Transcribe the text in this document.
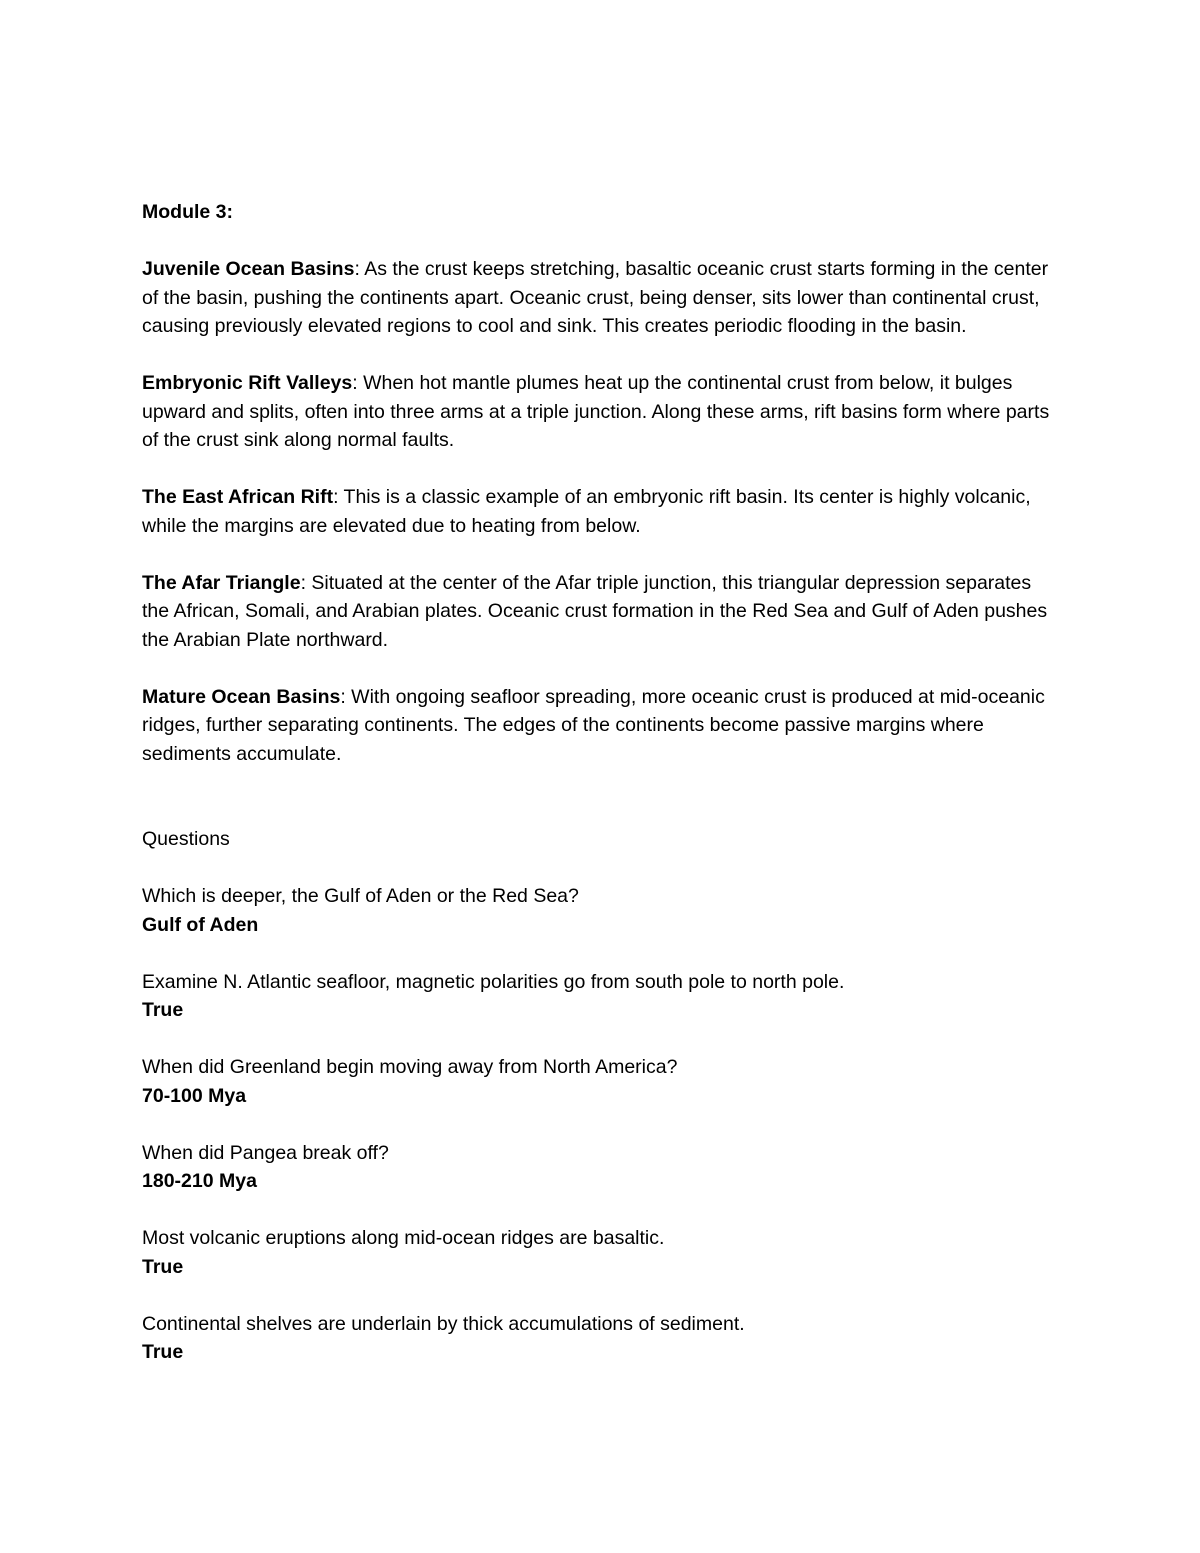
Module 3:

Juvenile Ocean Basins: As the crust keeps stretching, basaltic oceanic crust starts forming in the center of the basin, pushing the continents apart. Oceanic crust, being denser, sits lower than continental crust, causing previously elevated regions to cool and sink. This creates periodic flooding in the basin.

Embryonic Rift Valleys: When hot mantle plumes heat up the continental crust from below, it bulges upward and splits, often into three arms at a triple junction. Along these arms, rift basins form where parts of the crust sink along normal faults.

The East African Rift: This is a classic example of an embryonic rift basin. Its center is highly volcanic, while the margins are elevated due to heating from below.

The Afar Triangle: Situated at the center of the Afar triple junction, this triangular depression separates the African, Somali, and Arabian plates. Oceanic crust formation in the Red Sea and Gulf of Aden pushes the Arabian Plate northward.

Mature Ocean Basins: With ongoing seafloor spreading, more oceanic crust is produced at mid-oceanic ridges, further separating continents. The edges of the continents become passive margins where sediments accumulate.

Questions

Which is deeper, the Gulf of Aden or the Red Sea?

Gulf of Aden

Examine N. Atlantic seafloor, magnetic polarities go from south pole to north pole.

True

When did Greenland begin moving away from North America?

70-100 Mya

When did Pangea break off?

180-210 Mya

Most volcanic eruptions along mid-ocean ridges are basaltic.

True

Continental shelves are underlain by thick accumulations of sediment.

True
